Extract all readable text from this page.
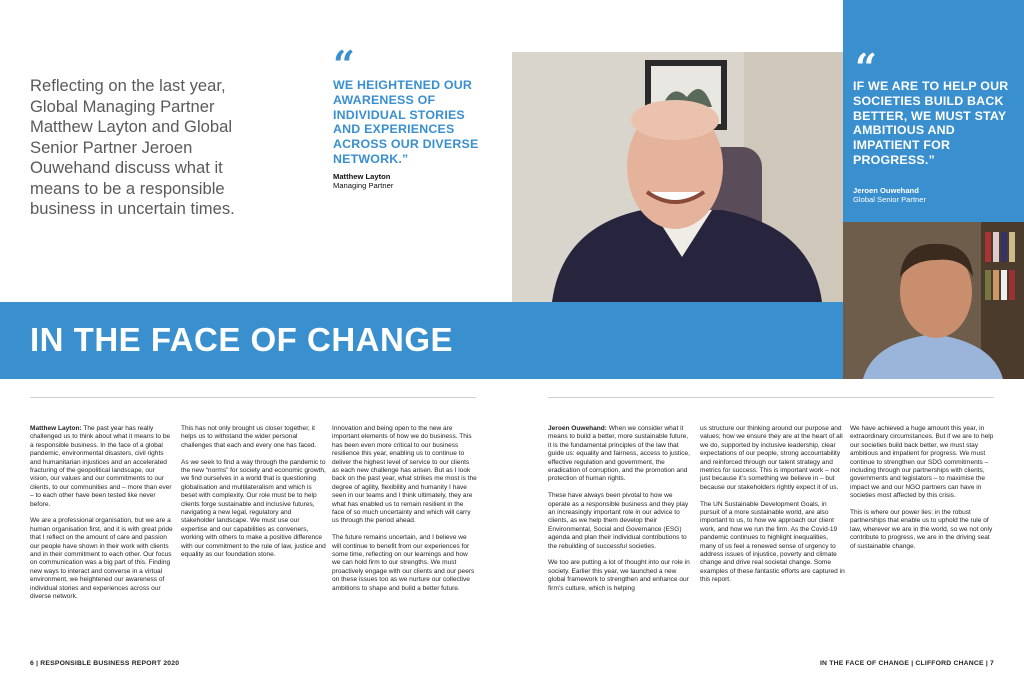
Reflecting on the last year, Global Managing Partner Matthew Layton and Global Senior Partner Jeroen Ouwehand discuss what it means to be a responsible business in uncertain times.
“
WE HEIGHTENED OUR AWARENESS OF INDIVIDUAL STORIES AND EXPERIENCES ACROSS OUR DIVERSE NETWORK.”
Matthew Layton
Managing Partner
“
IF WE ARE TO HELP OUR SOCIETIES BUILD BACK BETTER, WE MUST STAY AMBITIOUS AND IMPATIENT FOR PROGRESS.”
Jeroen Ouwehand
Global Senior Partner
IN THE FACE OF CHANGE

Matthew Layton: The past year has really challenged us to think about what it means to be a responsible business. In the face of a global pandemic, environmental disasters, civil rights and humanitarian injustices and an accelerated fracturing of the geopolitical landscape, our vision, our values and our commitments to our clients, to our communities and – more than ever – to each other have been tested like never before.

We are a professional organisation, but we are a human organisation first, and it is with great pride that I reflect on the amount of care and passion our people have shown in their work with clients and in their commitment to each other. Our focus on communication was a big part of this. Finding new ways to interact and converse in a virtual environment, we heightened our awareness of individual stories and experiences across our diverse network.

This has not only brought us closer together, it helps us to withstand the wider personal challenges that each and every one has faced.

As we seek to find a way through the pandemic to the new “norms” for society and economic growth, we find ourselves in a world that is questioning globalisation and multilateralism and which is beset with complexity. Our role must be to help clients forge sustainable and inclusive futures, navigating a new legal, regulatory and stakeholder landscape. We must use our expertise and our capabilities as conveners, working with others to make a positive difference with our commitment to the rule of law, justice and equality as our foundation stone.

Innovation and being open to the new are important elements of how we do business. This has been even more critical to our business resilience this year, enabling us to continue to deliver the highest level of service to our clients as each new challenge has arisen. But as I look back on the past year, what strikes me most is the degree of agility, flexibility and humanity I have seen in our teams and I think ultimately, they are what has enabled us to remain resilient in the face of so much uncertainty and which will carry us through the period ahead.

The future remains uncertain, and I believe we will continue to benefit from our experiences for some time, reflecting on our learnings and how we can hold firm to our strengths. We must proactively engage with our clients and our peers on these issues too as we nurture our collective ambitions to shape and build a better future.

Jeroen Ouwehand: When we consider what it means to build a better, more sustainable future, it is the fundamental principles of the law that guide us: equality and fairness, access to justice, effective regulation and government, the eradication of corruption, and the promotion and protection of human rights.

These have always been pivotal to how we operate as a responsible business and they play an increasingly important role in our advice to clients, as we help them develop their Environmental, Social and Governance (ESG) agenda and plan their individual contributions to the rebuilding of successful societies.

We too are putting a lot of thought into our role in society. Earlier this year, we launched a new global framework to strengthen and enhance our firm’s culture, which is helping

us structure our thinking around our purpose and values; how we ensure they are at the heart of all we do, supported by inclusive leadership, clear expectations of our people, strong accountability and reinforced through our talent strategy and metrics for success. This is important work – not just because it’s something we believe in – but because our stakeholders rightly expect it of us.

The UN Sustainable Development Goals, in pursuit of a more sustainable world, are also important to us, to how we approach our client work, and how we run the firm. As the Covid-19 pandemic continues to highlight inequalities, many of us feel a renewed sense of urgency to address issues of injustice, poverty and climate change and drive real societal change. Some examples of these fantastic efforts are captured in this report.

We have achieved a huge amount this year, in extraordinary circumstances. But if we are to help our societies build back better, we must stay ambitious and impatient for progress. We must continue to strengthen our SDG commitments – including through our partnerships with clients, governments and legislators – to maximise the impact we and our NGO partners can have in societies most affected by this crisis.

This is where our power lies: in the robust partnerships that enable us to uphold the rule of law, wherever we are in the world, so we not only contribute to progress, we are in the driving seat of sustainable change.

6 | RESPONSIBLE BUSINESS REPORT 2020	IN THE FACE OF CHANGE | CLIFFORD CHANCE | 7
